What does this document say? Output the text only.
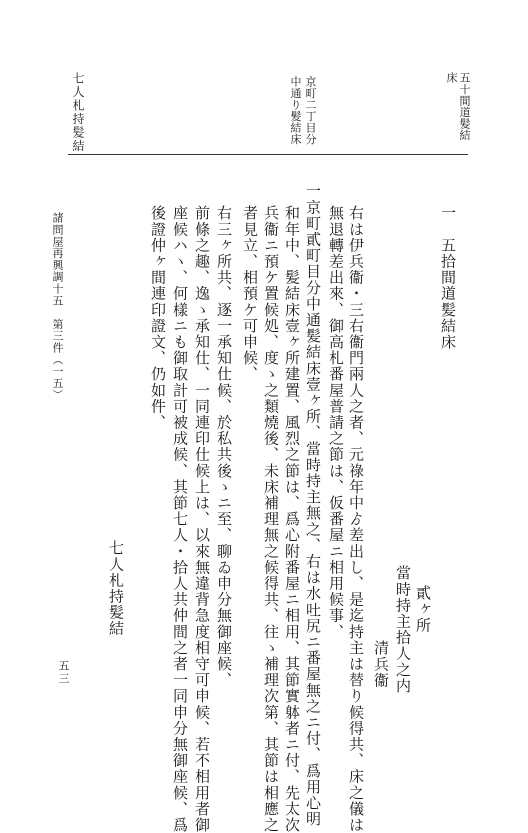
五十間道髪結
床
京町二丁目分
中通り髪結床
七人札持髪結
一　五拾間道髪結床
貳ヶ所
當時持主拾人之内
清兵衞
右は伊兵衞・三右衞門兩人之者、元祿年中ゟ差出し、是迄持主は替り候得共、床之儀は
無退轉差出來、御高札番屋普請之節は、仮番屋ニ相用候事、
一京町貳町目分中通髪結床壹ヶ所、當時持主無之、右は水吐尻ニ番屋無之ニ付、爲用心明
和年中、髪結床壹ヶ所建置、風烈之節は、爲心附番屋ニ相用、其節實躰者ニ付、先太次
兵衞ニ預ケ置候処、度ゝ之類燒後、未床補理無之候得共、往ゝ補理次第、其節は相應之
者見立、相預ケ可申候、
右三ヶ所共、逐一承知仕候、於私共後ゝニ至、聊ゐ申分無御座候、
前條之趣、逸ゝ承知仕、一同連印仕候上は、以來無違背急度相守可申候、若不相用者御
座候ハヽ、何樣ニも御取計可被成候、其節七人・拾人共仲間之者一同申分無御座候、爲
後證仲ヶ間連印證文、仍如件、
七人札持髪結
諸問屋再興調十五　第三件（一五）
五三
